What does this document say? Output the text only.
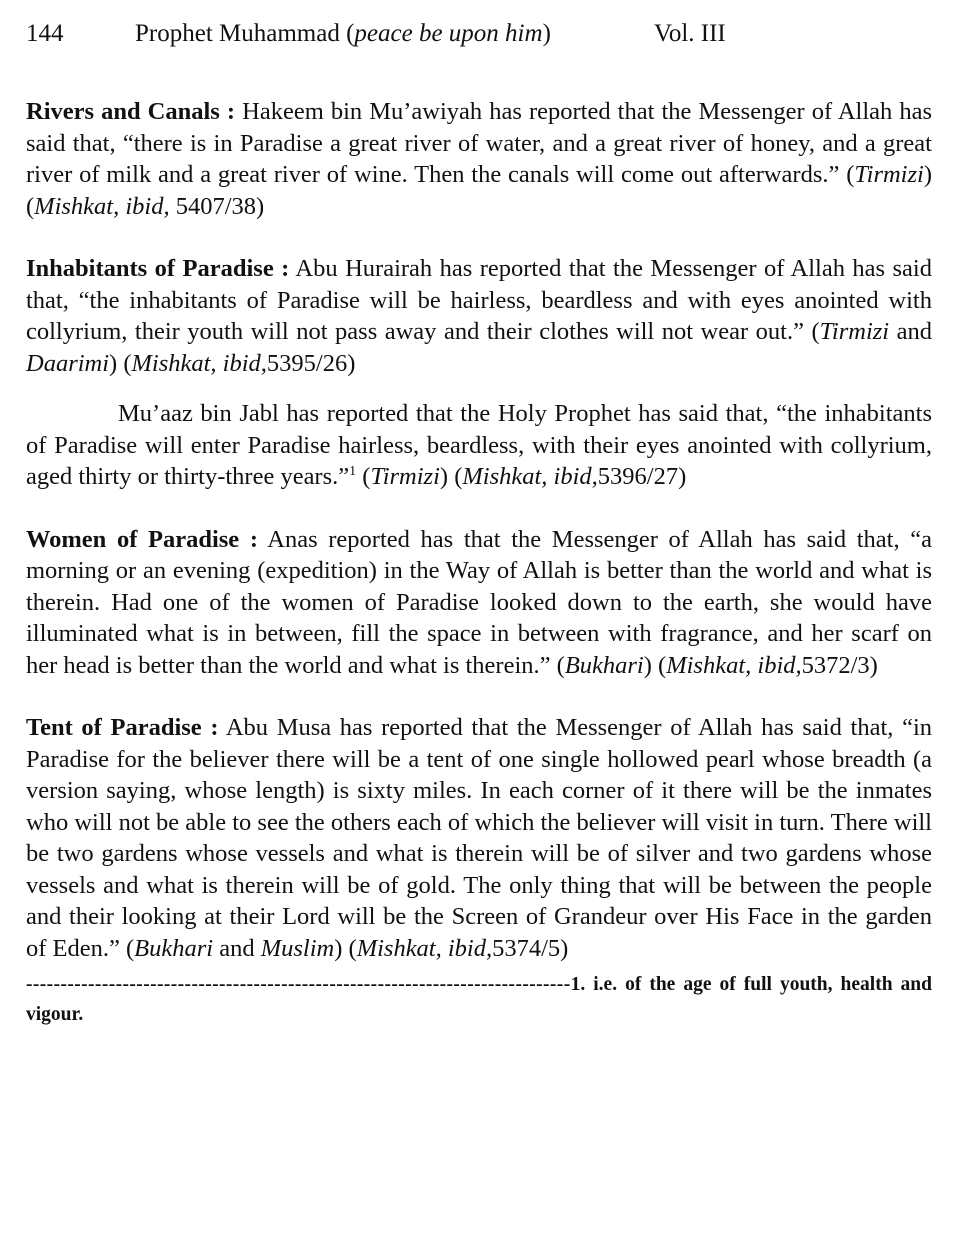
144	Prophet Muhammad (peace be upon him)	Vol. III

Rivers and Canals : Hakeem bin Mu’awiyah has reported that the Messenger of Allah has said that, “there is in Paradise a great river of water, and a great river of honey, and a great river of milk and a great river of wine. Then the canals will come out afterwards.” (Tirmizi) (Mishkat, ibid, 5407/38)

Inhabitants of Paradise : Abu Hurairah has reported that the Messenger of Allah has said that, “the inhabitants of Paradise will be hairless, beardless and with eyes anointed with collyrium, their youth will not pass away and their clothes will not wear out.” (Tirmizi and Daarimi) (Mishkat, ibid,5395/26)

Mu’aaz bin Jabl has reported that the Holy Prophet has said that, “the inhabitants of Paradise will enter Paradise hairless, beardless, with their eyes anointed with collyrium, aged thirty or thirty-three years.”$^1$ (Tirmizi) (Mishkat, ibid,5396/27)

Women of Paradise : Anas reported has that the Messenger of Allah has said that, “a morning or an evening (expedition) in the Way of Allah is better than the world and what is therein. Had one of the women of Paradise looked down to the earth, she would have illuminated what is in between, fill the space in between with fragrance, and her scarf on her head is better than the world and what is therein.” (Bukhari) (Mishkat, ibid,5372/3)

Tent of Paradise : Abu Musa has reported that the Messenger of Allah has said that, “in Paradise for the believer there will be a tent of one single hollowed pearl whose breadth (a version saying, whose length) is sixty miles. In each corner of it there will be the inmates who will not be able to see the others each of which the believer will visit in turn. There will be two gardens whose vessels and what is therein will be of silver and two gardens whose vessels and what is therein will be of gold. The only thing that will be between the people and their looking at their Lord will be the Screen of Grandeur over His Face in the garden of Eden.” (Bukhari and Muslim) (Mishkat, ibid,5374/5)

-------------------------------------------------------------------------------1. i.e. of the age of full youth, health and vigour.
